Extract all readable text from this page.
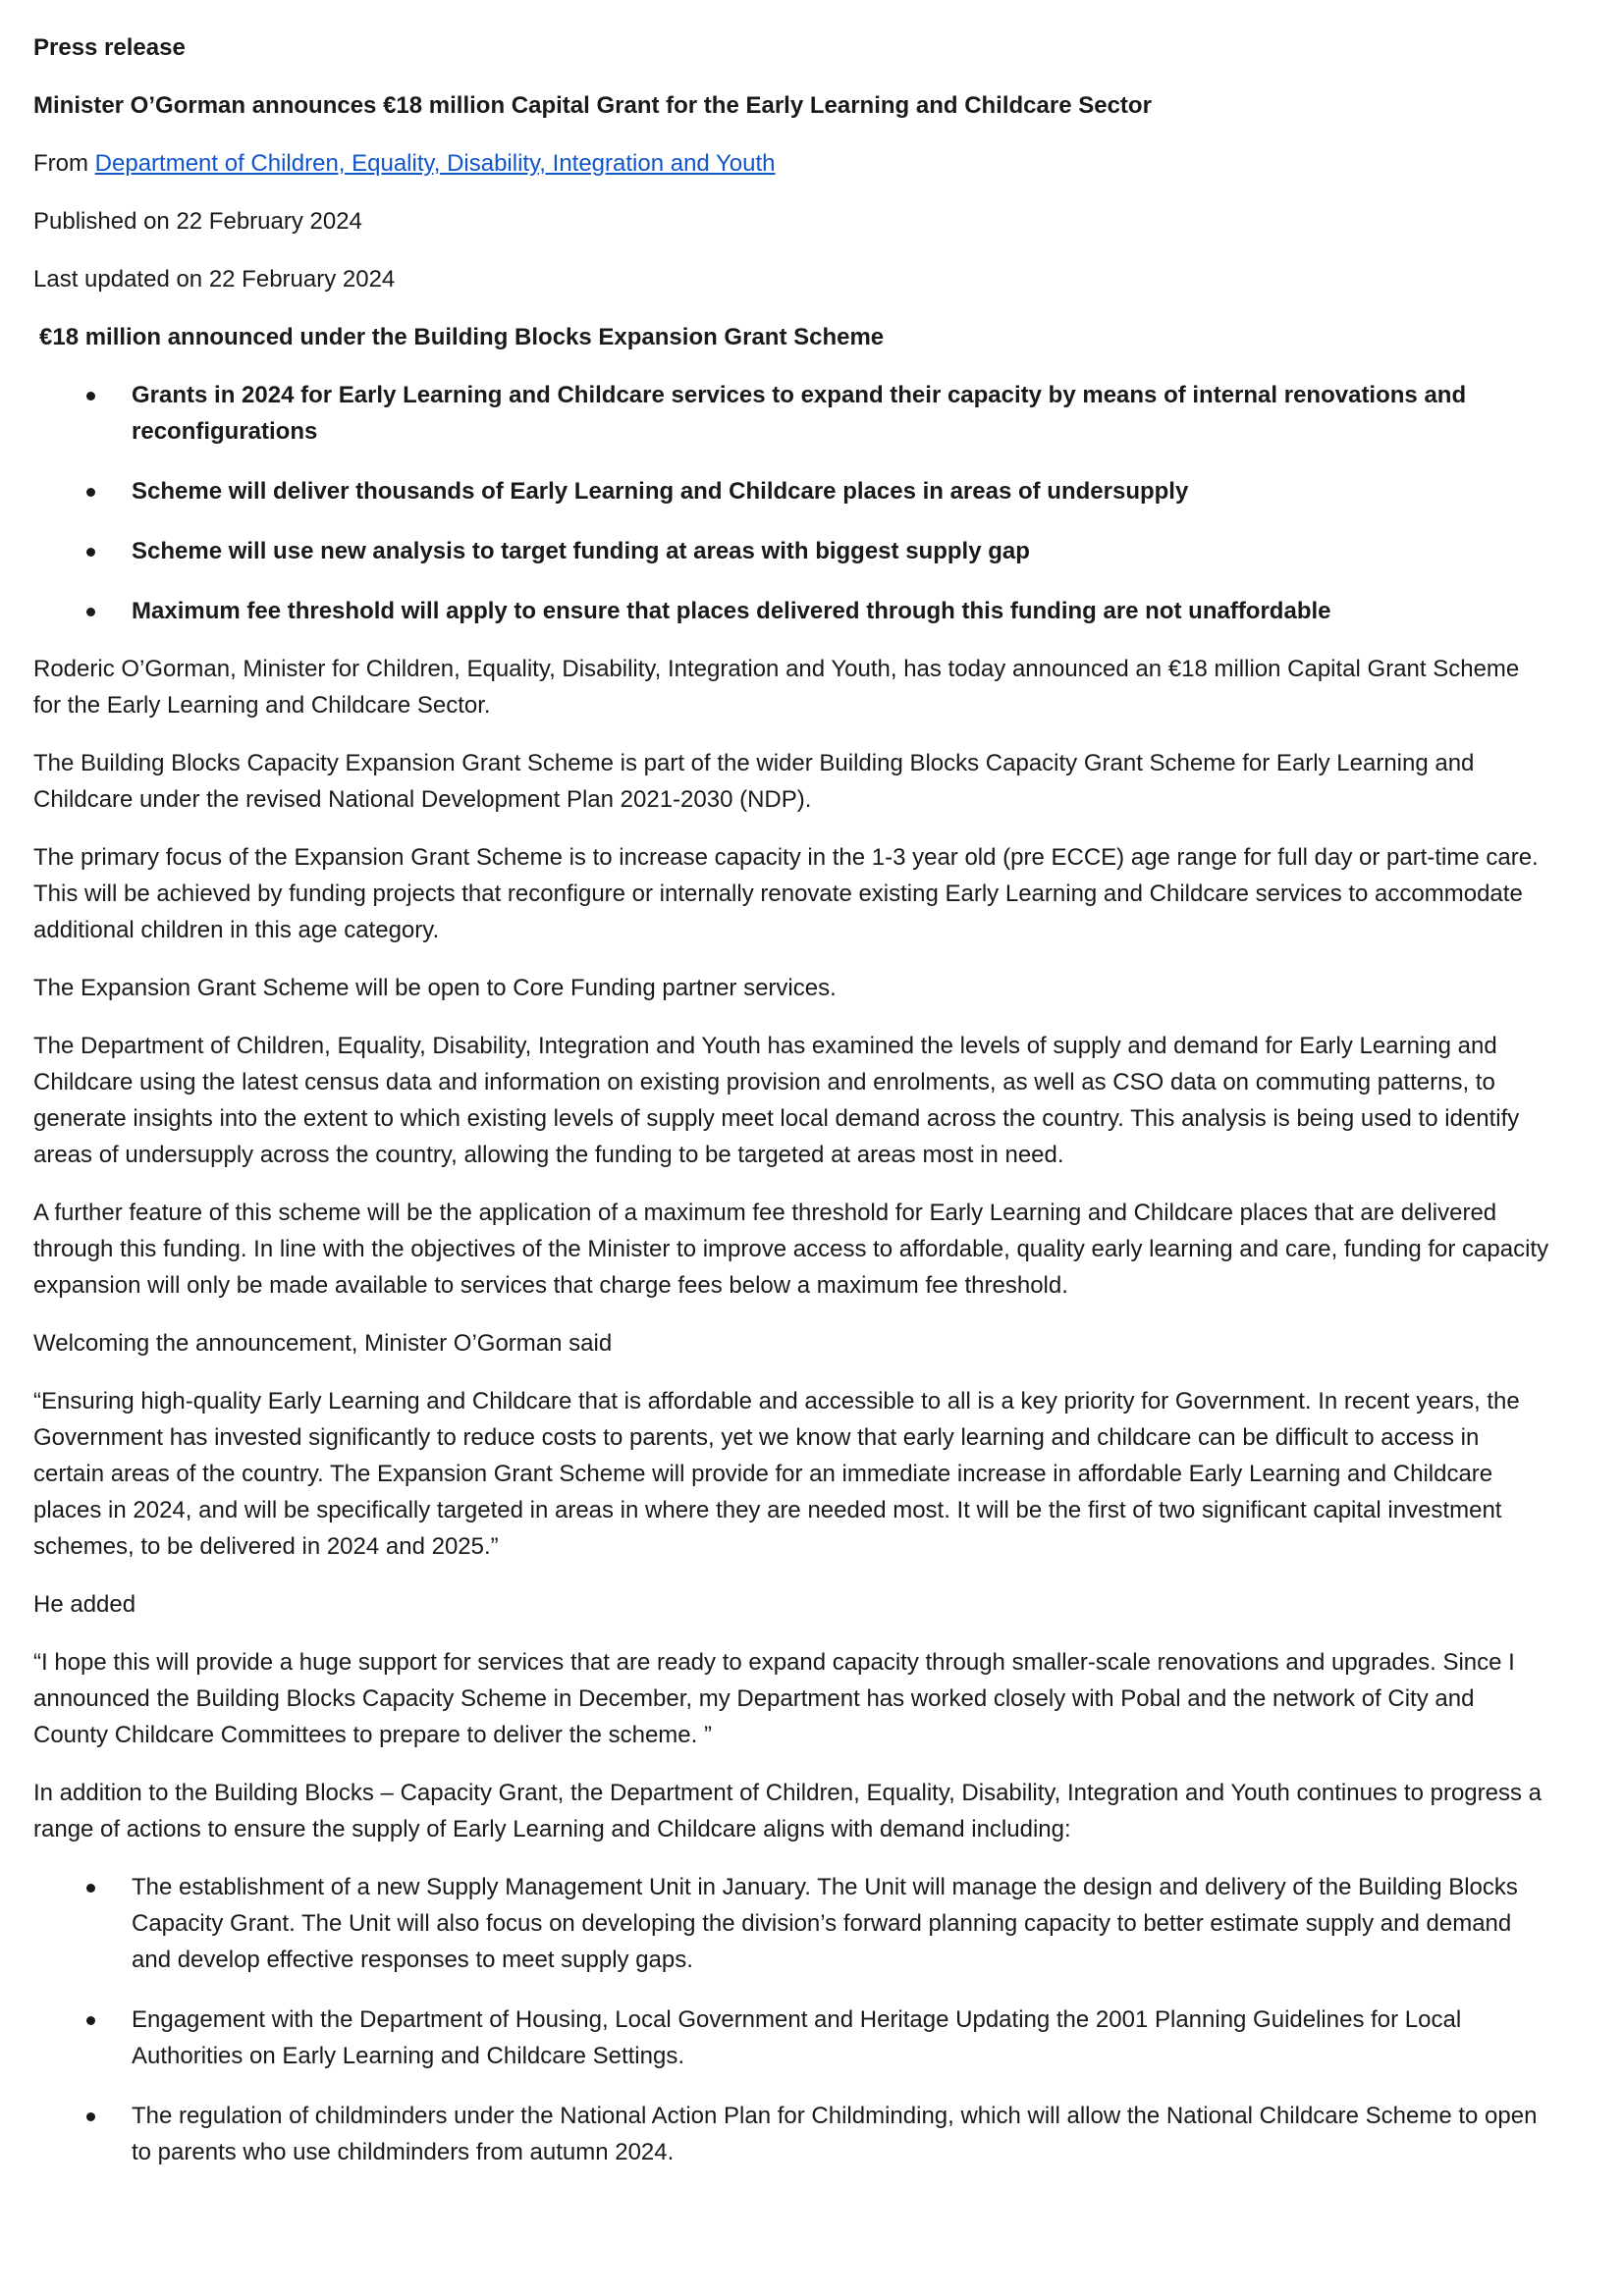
Press release
Minister O’Gorman announces €18 million Capital Grant for the Early Learning and Childcare Sector
From Department of Children, Equality, Disability, Integration and Youth
Published on 22 February 2024
Last updated on 22 February 2024
€18 million announced under the Building Blocks Expansion Grant Scheme
Grants in 2024 for Early Learning and Childcare services to expand their capacity by means of internal renovations and reconfigurations
Scheme will deliver thousands of Early Learning and Childcare places in areas of undersupply
Scheme will use new analysis to target funding at areas with biggest supply gap
Maximum fee threshold will apply to ensure that places delivered through this funding are not unaffordable
Roderic O’Gorman, Minister for Children, Equality, Disability, Integration and Youth, has today announced an €18 million Capital Grant Scheme for the Early Learning and Childcare Sector.
The Building Blocks Capacity Expansion Grant Scheme is part of the wider Building Blocks Capacity Grant Scheme for Early Learning and Childcare under the revised National Development Plan 2021-2030 (NDP).
The primary focus of the Expansion Grant Scheme is to increase capacity in the 1-3 year old (pre ECCE) age range for full day or part-time care. This will be achieved by funding projects that reconfigure or internally renovate existing Early Learning and Childcare services to accommodate additional children in this age category.
The Expansion Grant Scheme will be open to Core Funding partner services.
The Department of Children, Equality, Disability, Integration and Youth has examined the levels of supply and demand for Early Learning and Childcare using the latest census data and information on existing provision and enrolments, as well as CSO data on commuting patterns, to generate insights into the extent to which existing levels of supply meet local demand across the country. This analysis is being used to identify areas of undersupply across the country, allowing the funding to be targeted at areas most in need.
A further feature of this scheme will be the application of a maximum fee threshold for Early Learning and Childcare places that are delivered through this funding. In line with the objectives of the Minister to improve access to affordable, quality early learning and care, funding for capacity expansion will only be made available to services that charge fees below a maximum fee threshold.
Welcoming the announcement, Minister O’Gorman said
“Ensuring high-quality Early Learning and Childcare that is affordable and accessible to all is a key priority for Government. In recent years, the Government has invested significantly to reduce costs to parents, yet we know that early learning and childcare can be difficult to access in certain areas of the country. The Expansion Grant Scheme will provide for an immediate increase in affordable Early Learning and Childcare places in 2024, and will be specifically targeted in areas in where they are needed most. It will be the first of two significant capital investment schemes, to be delivered in 2024 and 2025.”
He added
“I hope this will provide a huge support for services that are ready to expand capacity through smaller-scale renovations and upgrades. Since I announced the Building Blocks Capacity Scheme in December, my Department has worked closely with Pobal and the network of City and County Childcare Committees to prepare to deliver the scheme. ”
In addition to the Building Blocks – Capacity Grant, the Department of Children, Equality, Disability, Integration and Youth continues to progress a range of actions to ensure the supply of Early Learning and Childcare aligns with demand including:
The establishment of a new Supply Management Unit in January. The Unit will manage the design and delivery of the Building Blocks Capacity Grant. The Unit will also focus on developing the division’s forward planning capacity to better estimate supply and demand and develop effective responses to meet supply gaps.
Engagement with the Department of Housing, Local Government and Heritage Updating the 2001 Planning Guidelines for Local Authorities on Early Learning and Childcare Settings.
The regulation of childminders under the National Action Plan for Childminding, which will allow the National Childcare Scheme to open to parents who use childminders from autumn 2024.
